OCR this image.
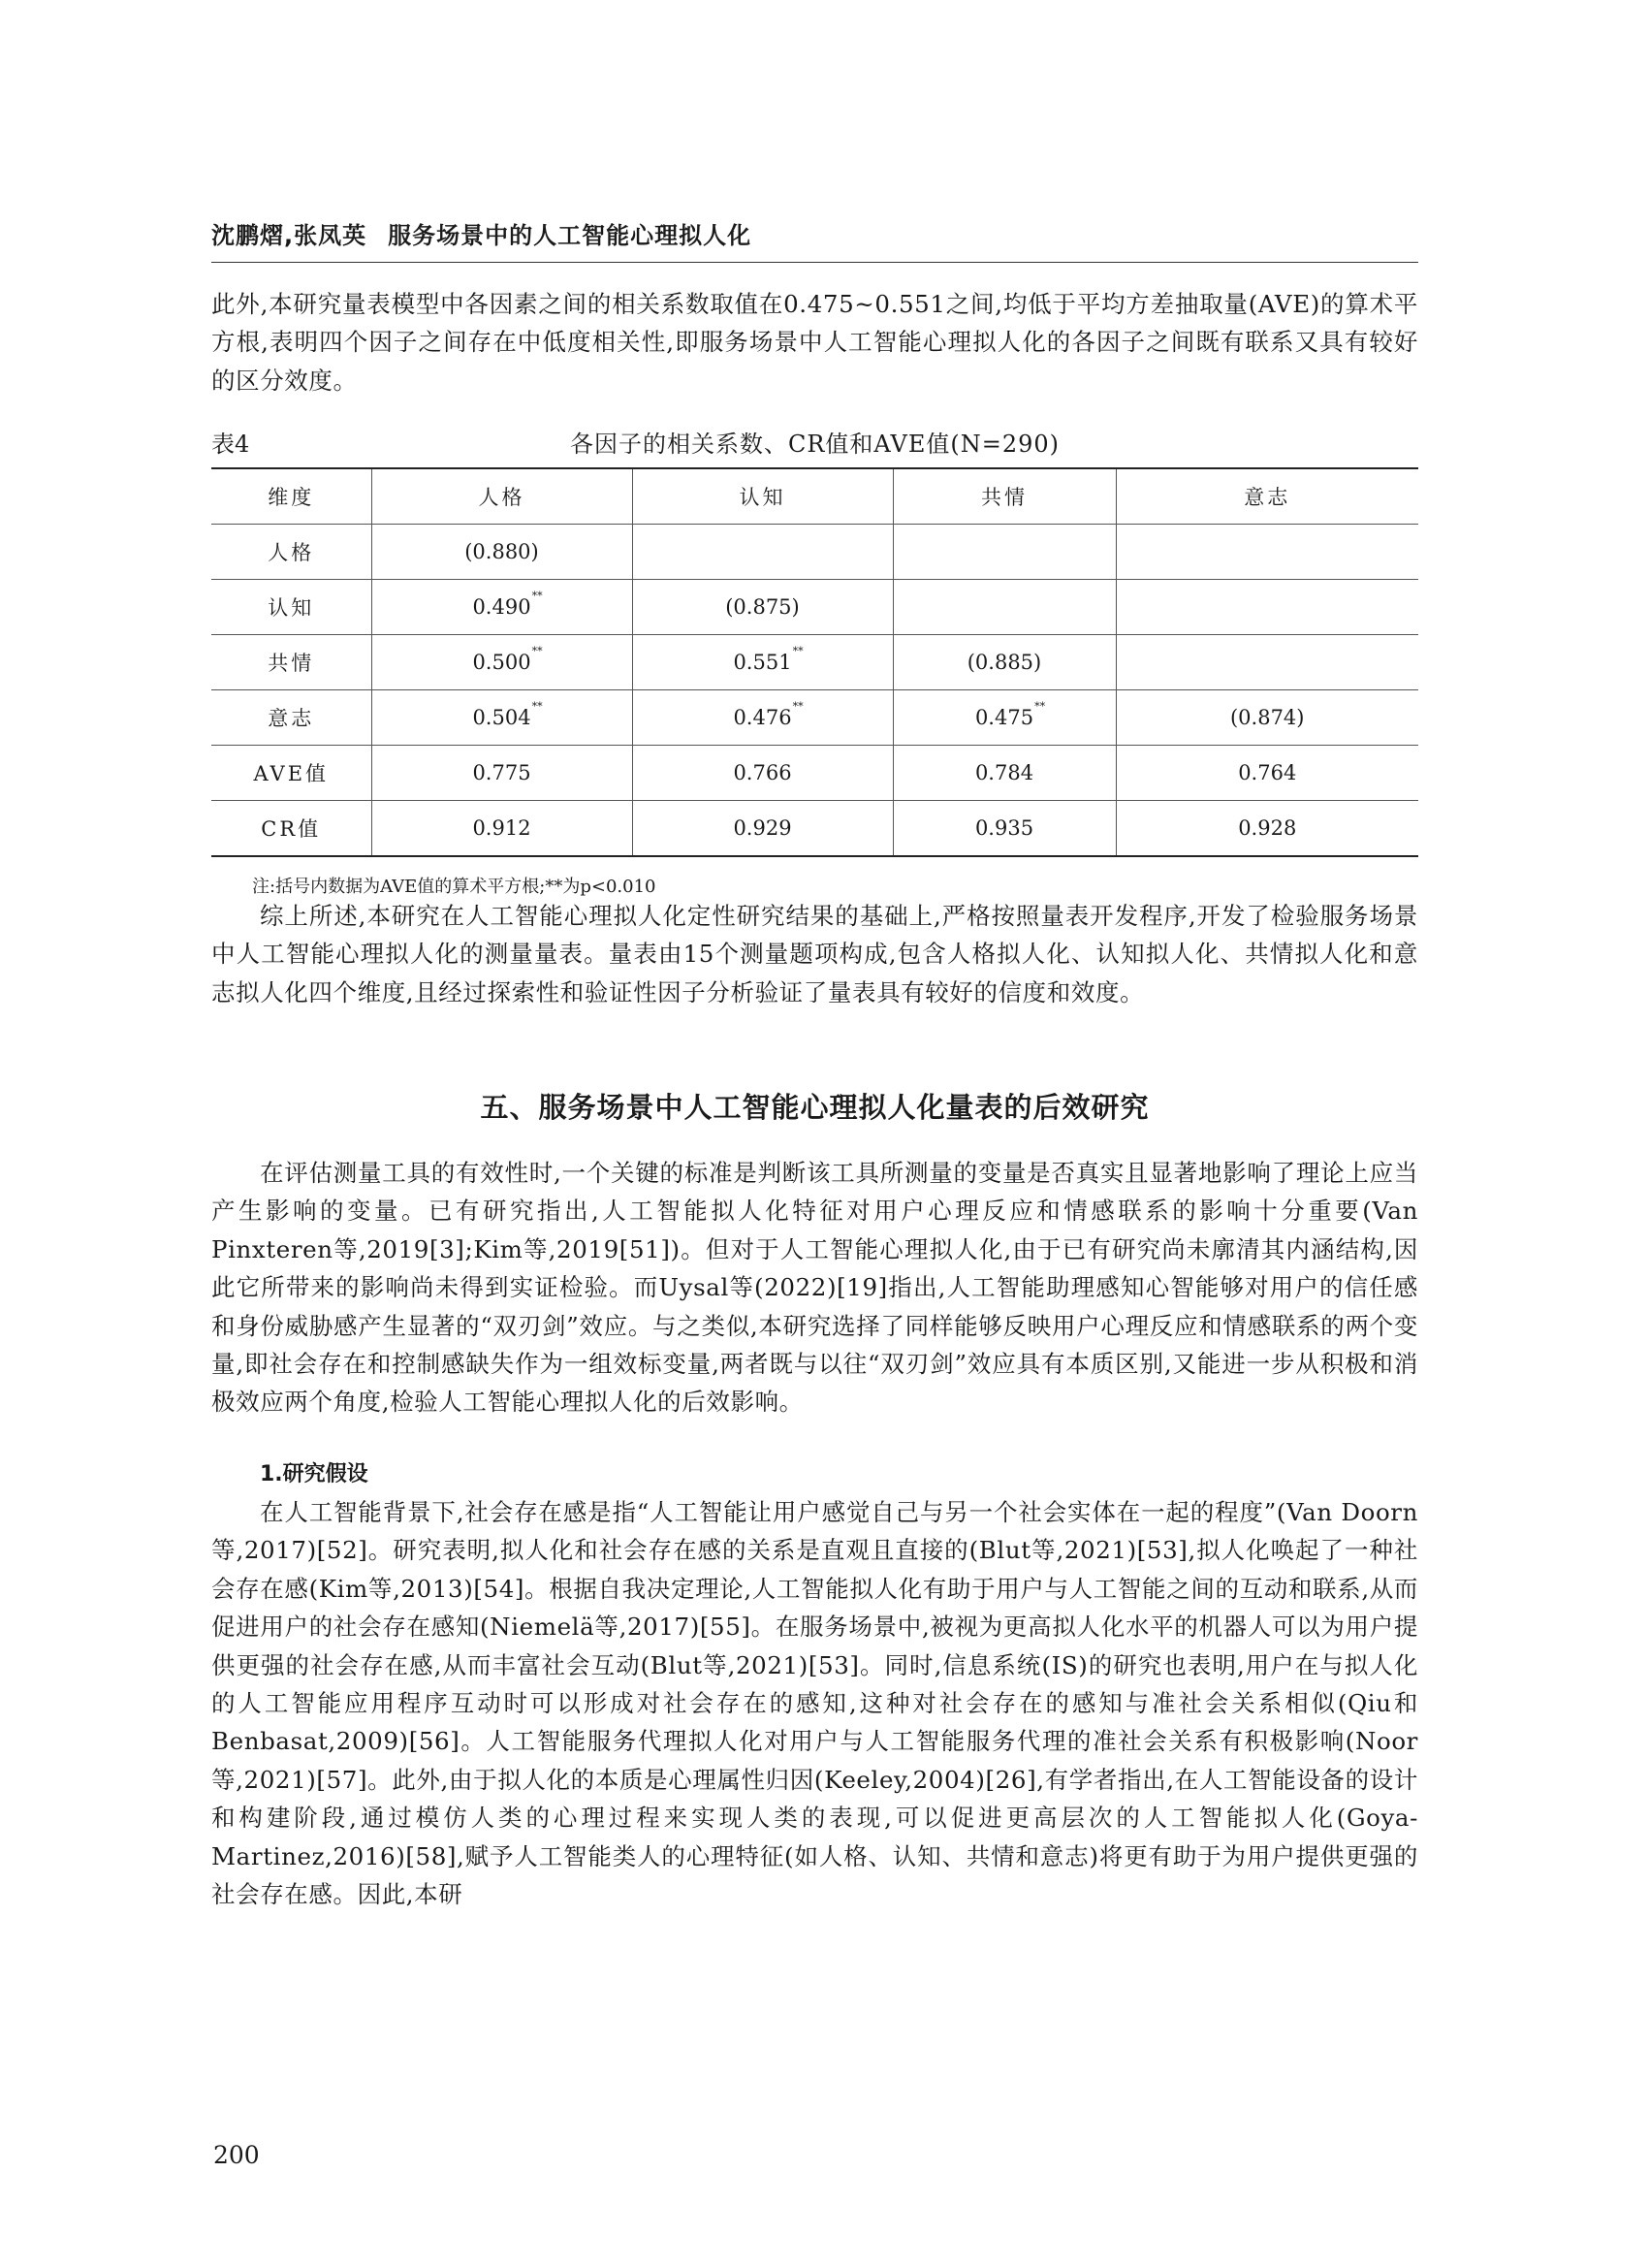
沈鹏熠,张凤英 服务场景中的人工智能心理拟人化

此外,本研究量表模型中各因素之间的相关系数取值在0.475~0.551之间,均低于平均方差抽取量(AVE)的算术平方根,表明四个因子之间存在中低度相关性,即服务场景中人工智能心理拟人化的各因子之间既有联系又具有较好的区分效度。

表4	各因子的相关系数、CR值和AVE值(N=290)
维度	人格	认知	共情	意志
人格	(0.880)			
认知	0.490 **	(0.875)		
共情	0.500 **	0.551 **	(0.885)	
意志	0.504 **	0.476 **	0.475 **	(0.874)
AVE值	0.775	0.766	0.784	0.764
CR值	0.912	0.929	0.935	0.928
注:括号内数据为AVE值的算术平方根;**为p<0.010

综上所述,本研究在人工智能心理拟人化定性研究结果的基础上,严格按照量表开发程序,开发了检验服务场景中人工智能心理拟人化的测量量表。量表由15个测量题项构成,包含人格拟人化、认知拟人化、共情拟人化和意志拟人化四个维度,且经过探索性和验证性因子分析验证了量表具有较好的信度和效度。

五、服务场景中人工智能心理拟人化量表的后效研究

在评估测量工具的有效性时,一个关键的标准是判断该工具所测量的变量是否真实且显著地影响了理论上应当产生影响的变量。已有研究指出,人工智能拟人化特征对用户心理反应和情感联系的影响十分重要(Van Pinxteren等,2019[3];Kim等,2019[51])。但对于人工智能心理拟人化,由于已有研究尚未廓清其内涵结构,因此它所带来的影响尚未得到实证检验。而Uysal等(2022)[19]指出,人工智能助理感知心智能够对用户的信任感和身份威胁感产生显著的“双刃剑”效应。与之类似,本研究选择了同样能够反映用户心理反应和情感联系的两个变量,即社会存在和控制感缺失作为一组效标变量,两者既与以往“双刃剑”效应具有本质区别,又能进一步从积极和消极效应两个角度,检验人工智能心理拟人化的后效影响。

1.研究假设

在人工智能背景下,社会存在感是指“人工智能让用户感觉自己与另一个社会实体在一起的程度”(Van Doorn等,2017)[52]。研究表明,拟人化和社会存在感的关系是直观且直接的(Blut等,2021)[53],拟人化唤起了一种社会存在感(Kim等,2013)[54]。根据自我决定理论,人工智能拟人化有助于用户与人工智能之间的互动和联系,从而促进用户的社会存在感知(Niemelä等,2017)[55]。在服务场景中,被视为更高拟人化水平的机器人可以为用户提供更强的社会存在感,从而丰富社会互动(Blut等,2021)[53]。同时,信息系统(IS)的研究也表明,用户在与拟人化的人工智能应用程序互动时可以形成对社会存在的感知,这种对社会存在的感知与准社会关系相似(Qiu和Benbasat,2009)[56]。人工智能服务代理拟人化对用户与人工智能服务代理的准社会关系有积极影响(Noor等,2021)[57]。此外,由于拟人化的本质是心理属性归因(Keeley,2004)[26],有学者指出,在人工智能设备的设计和构建阶段,通过模仿人类的心理过程来实现人类的表现,可以促进更高层次的人工智能拟人化(Goya-Martinez,2016)[58],赋予人工智能类人的心理特征(如人格、认知、共情和意志)将更有助于为用户提供更强的社会存在感。因此,本研

200
